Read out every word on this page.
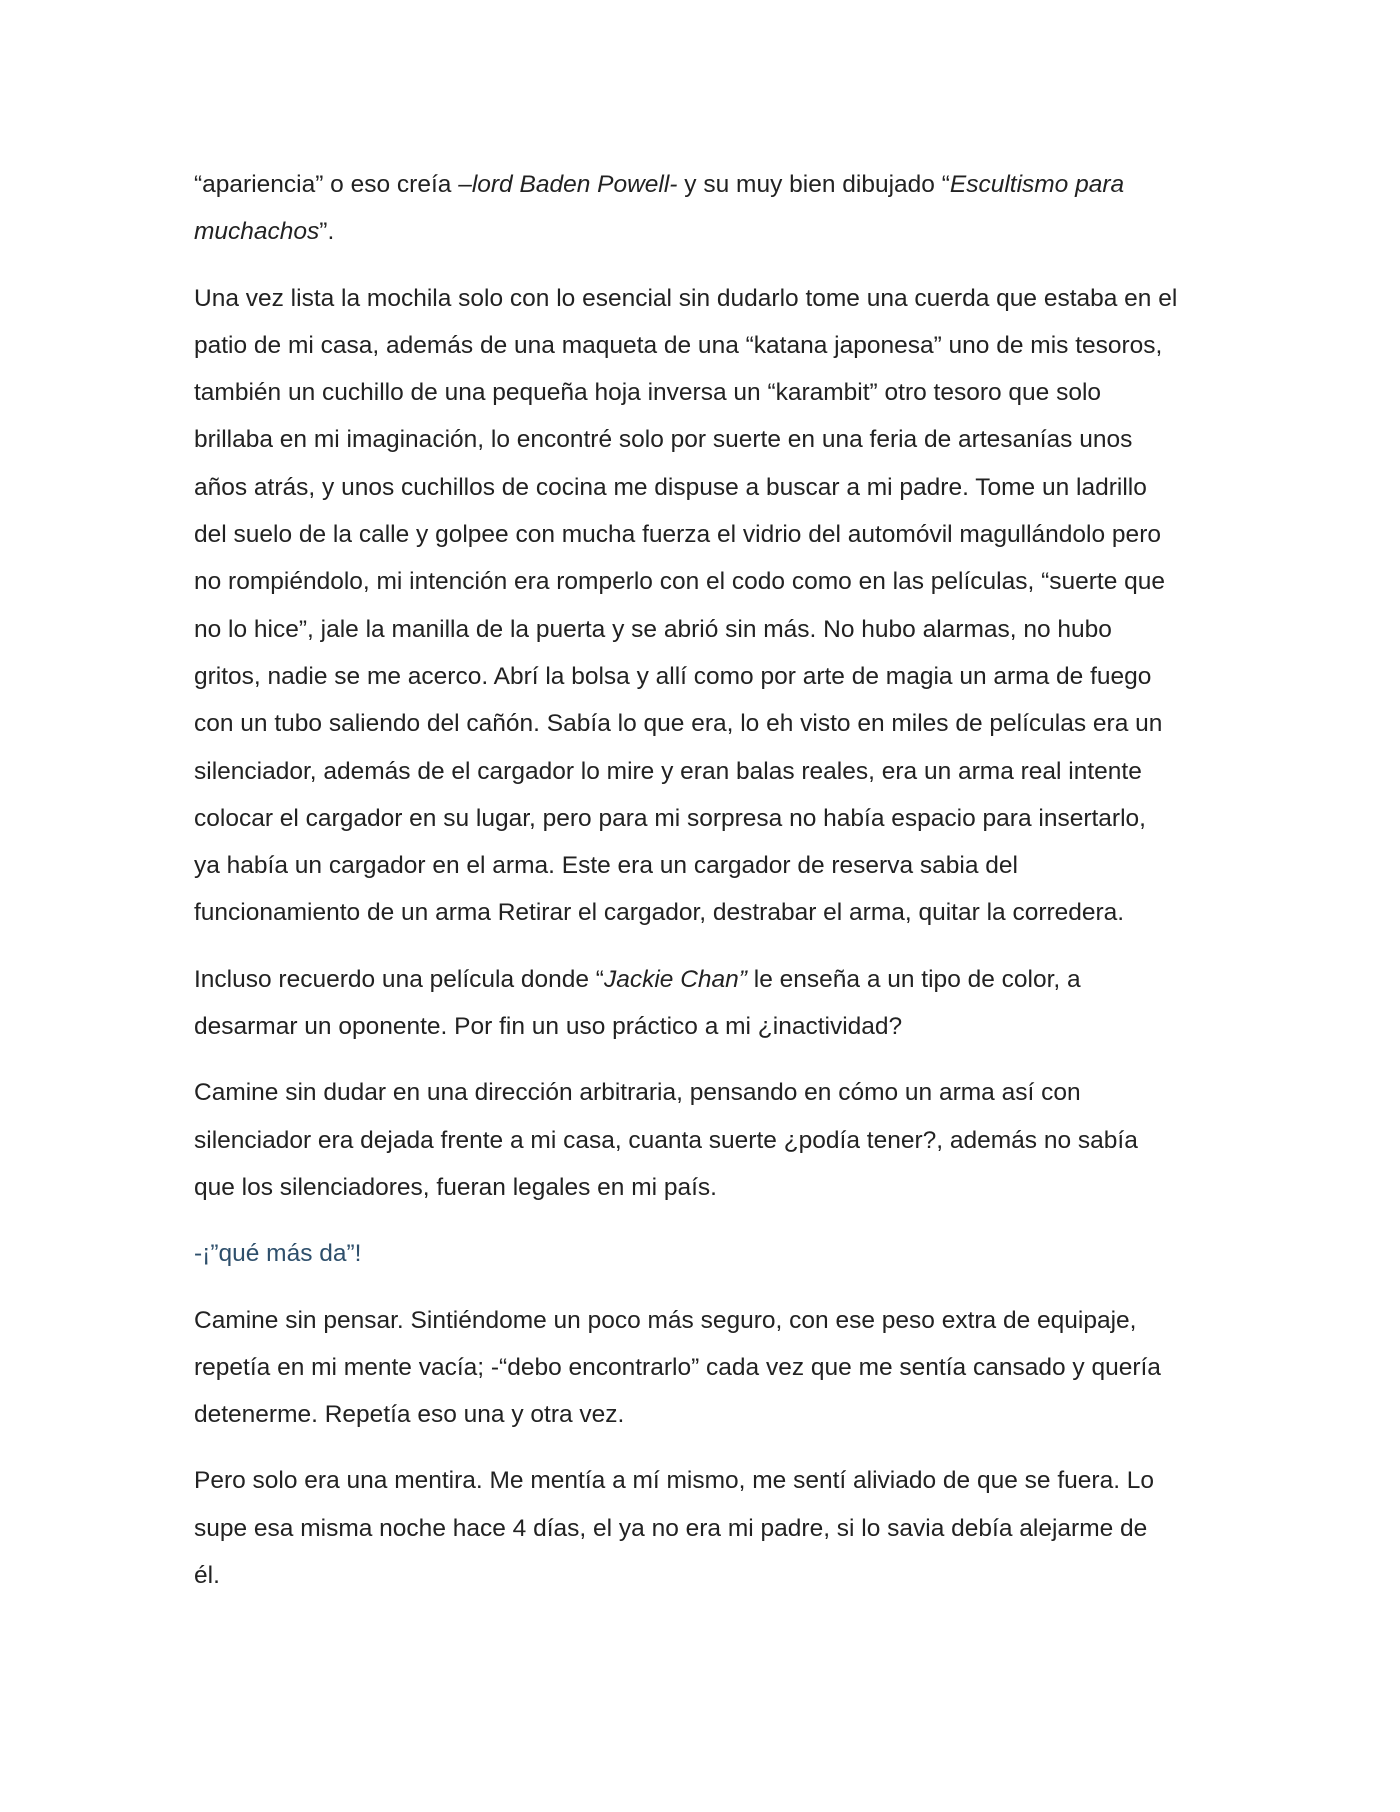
“apariencia” o eso creía –lord Baden Powell- y su muy bien dibujado “Escultismo para
muchachos”.

Una vez lista la mochila solo con lo esencial sin dudarlo tome una cuerda que estaba en el
patio de mi casa, además de una maqueta de una “katana japonesa” uno de mis tesoros,
también un cuchillo de una pequeña hoja inversa un “karambit” otro tesoro que solo
brillaba en mi imaginación, lo encontré solo por suerte en una feria de artesanías unos
años atrás, y unos cuchillos de cocina me dispuse a buscar a mi padre. Tome un ladrillo
del suelo de la calle y golpee con mucha fuerza el vidrio del automóvil magullándolo pero
no rompiéndolo, mi intención era romperlo con el codo como en las películas, “suerte que
no lo hice”, jale la manilla de la puerta y se abrió sin más. No hubo alarmas, no hubo
gritos, nadie se me acerco. Abrí la bolsa y allí como por arte de magia un arma de fuego
con un tubo saliendo del cañón. Sabía lo que era, lo eh visto en miles de películas era un
silenciador, además de el cargador lo mire y eran balas reales, era un arma real intente
colocar el cargador en su lugar, pero para mi sorpresa no había espacio para insertarlo,
ya había un cargador en el arma. Este era un cargador de reserva sabia del
funcionamiento de un arma Retirar el cargador, destrabar el arma, quitar la corredera.

Incluso recuerdo una película donde “Jackie Chan” le enseña a un tipo de color, a
desarmar un oponente. Por fin un uso práctico a mi ¿inactividad?

Camine sin dudar en una dirección arbitraria, pensando en cómo un arma así con
silenciador era dejada frente a mi casa, cuanta suerte ¿podía tener?, además no sabía
que los silenciadores, fueran legales en mi país.

-¡”qué más da”!

Camine sin pensar. Sintiéndome un poco más seguro, con ese peso extra de equipaje,
repetía en mi mente vacía; -“debo encontrarlo” cada vez que me sentía cansado y quería
detenerme. Repetía eso una y otra vez.

Pero solo era una mentira. Me mentía a mí mismo, me sentí aliviado de que se fuera. Lo
supe esa misma noche hace 4 días, el ya no era mi padre, si lo savia debía alejarme de
él.
